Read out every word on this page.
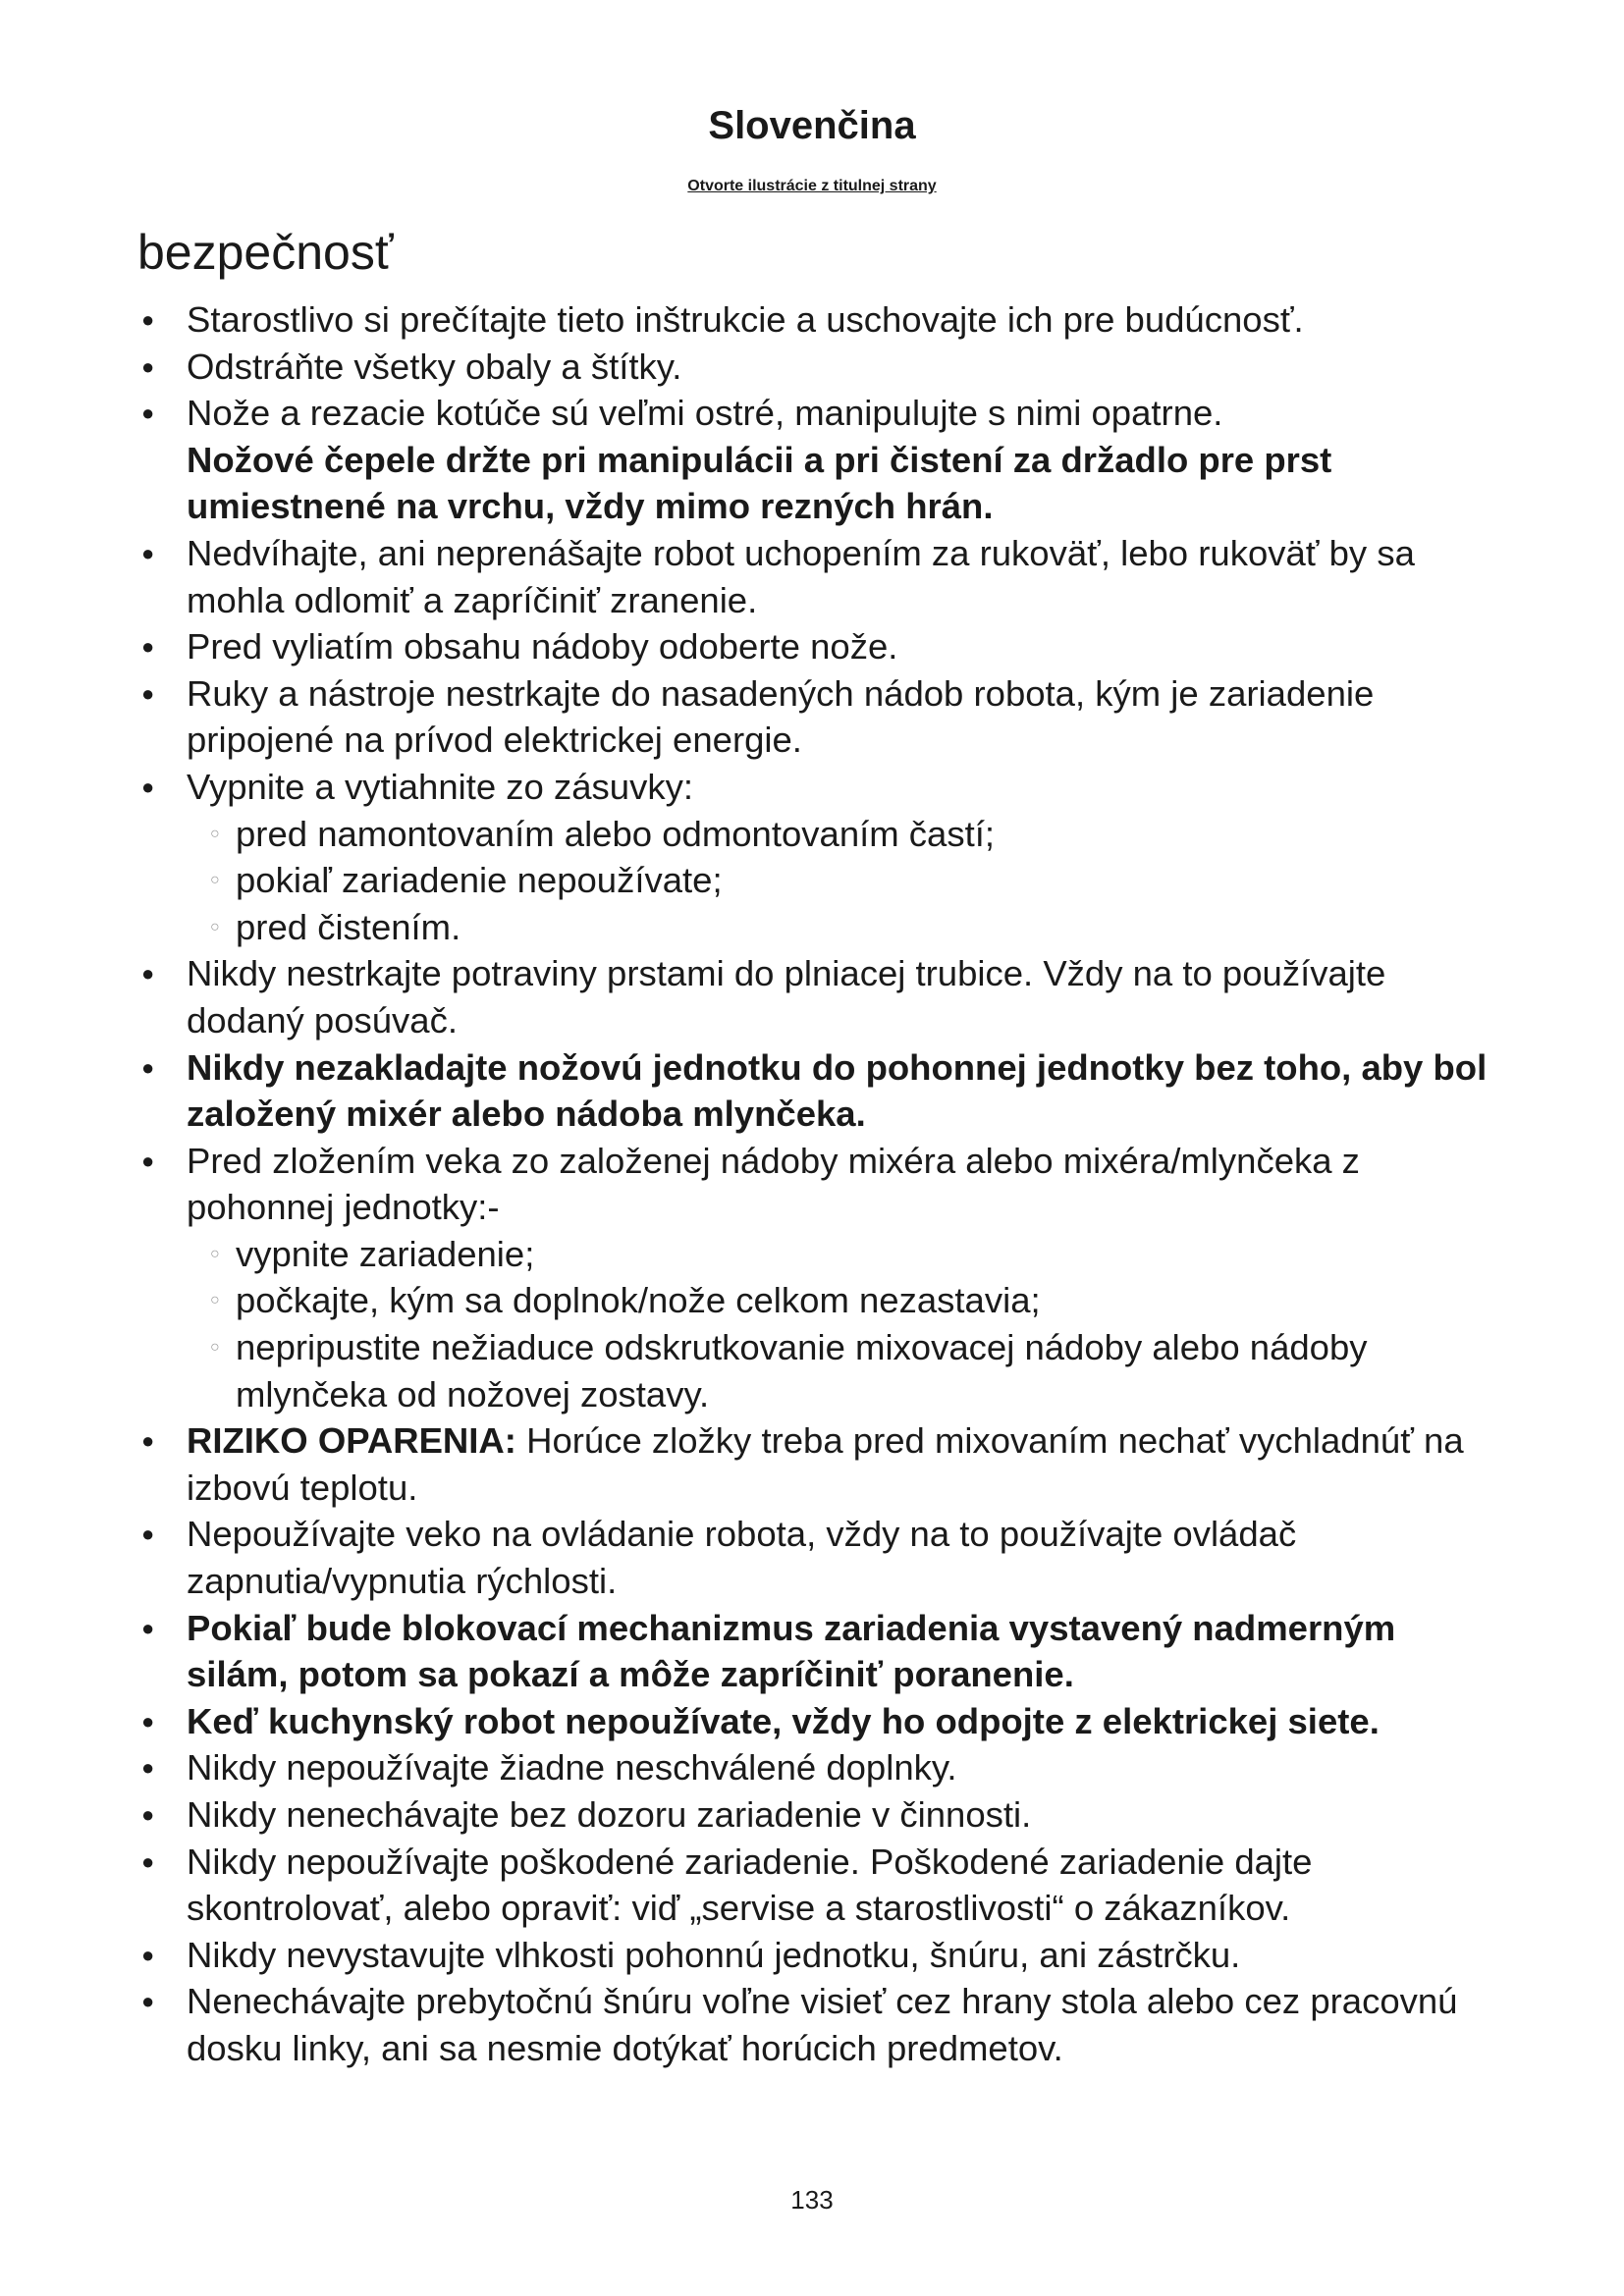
Slovenčina
Otvorte ilustrácie z titulnej strany
bezpečnosť
● Starostlivo si prečítajte tieto inštrukcie a uschovajte ich pre budúcnosť.
● Odstráňte všetky obaly a štítky.
● Nože a rezacie kotúče sú veľmi ostré, manipulujte s nimi opatrne.
Nožové čepele držte pri manipulácii a pri čistení za držadlo pre prst umiestnené na vrchu, vždy mimo rezných hrán.
● Nedvíhajte, ani neprenášajte robot uchopením za rukoväť, lebo rukoväť by sa mohla odlomiť a zapríčiniť zranenie.
● Pred vyliatím obsahu nádoby odoberte nože.
● Ruky a nástroje nestrkajte do nasadených nádob robota, kým je zariadenie pripojené na prívod elektrickej energie.
● Vypnite a vytiahnite zo zásuvky:
○ pred namontovaním alebo odmontovaním častí;
○ pokiaľ zariadenie nepoužívate;
○ pred čistením.
● Nikdy nestrkajte potraviny prstami do plniacej trubice. Vždy na to používajte dodaný posúvač.
● Nikdy nezakladajte nožovú jednotku do pohonnej jednotky bez toho, aby bol založený mixér alebo nádoba mlynčeka.
● Pred zložením veka zo založenej nádoby mixéra alebo mixéra/mlynčeka z pohonnej jednotky:-
○ vypnite zariadenie;
○ počkajte, kým sa doplnok/nože celkom nezastavia;
○ nepripustite nežiaduce odskrutkovanie mixovacej nádoby alebo nádoby mlynčeka od nožovej zostavy.
● RIZIKO OPARENIA: Horúce zložky treba pred mixovaním nechať vychladnúť na izbovú teplotu.
● Nepoužívajte veko na ovládanie robota, vždy na to používajte ovládač zapnutia/vypnutia rýchlosti.
● Pokiaľ bude blokovací mechanizmus zariadenia vystavený nadmerným silám, potom sa pokazí a môže zapríčiniť poranenie.
● Keď kuchynský robot nepoužívate, vždy ho odpojte z elektrickej siete.
● Nikdy nepoužívajte žiadne neschválené doplnky.
● Nikdy nenechávajte bez dozoru zariadenie v činnosti.
● Nikdy nepoužívajte poškodené zariadenie. Poškodené zariadenie dajte skontrolovať, alebo opraviť: viď „servise a starostlivosti“ o zákazníkov.
● Nikdy nevystavujte vlhkosti pohonnú jednotku, šnúru, ani zástrčku.
● Nenechávajte prebytočnú šnúru voľne visieť cez hrany stola alebo cez pracovnú dosku linky, ani sa nesmie dotýkať horúcich predmetov.
133
